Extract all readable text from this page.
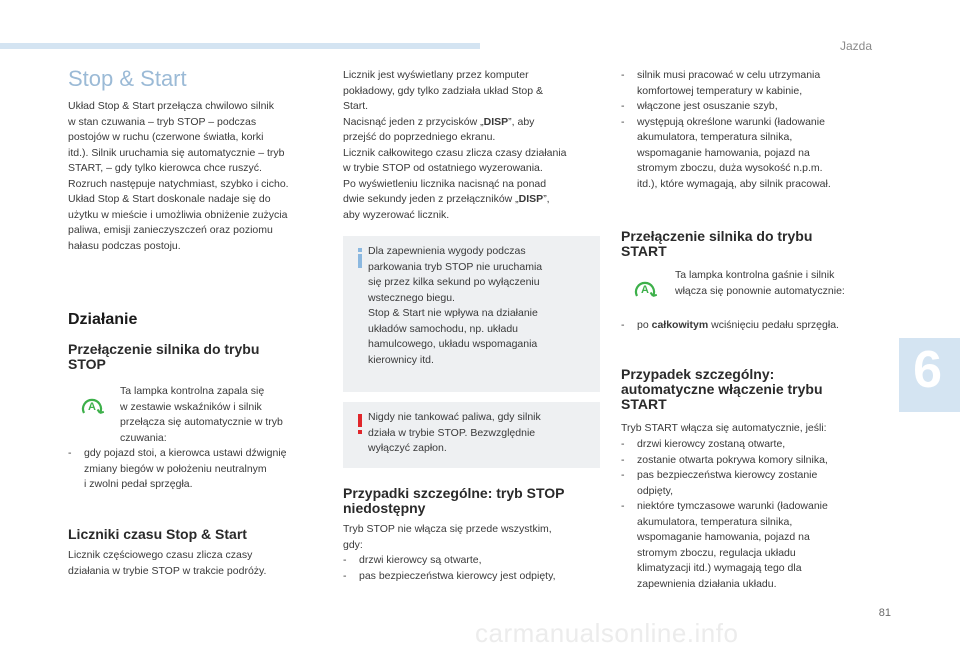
Jazda
6
81
carmanualsonline.info
Stop & Start
Układ Stop & Start przełącza chwilowo silnik
w stan czuwania – tryb STOP – podczas
postojów w ruchu (czerwone światła, korki
itd.). Silnik uruchamia się automatycznie – tryb
START, – gdy tylko kierowca chce ruszyć.
Rozruch następuje natychmiast, szybko i cicho.
Układ Stop & Start doskonale nadaje się do
użytku w mieście i umożliwia obniżenie zużycia
paliwa, emisji zanieczyszczeń oraz poziomu
hałasu podczas postoju.
Działanie
Przełączenie silnika do trybu
STOP
A
Ta lampka kontrolna zapala się
w zestawie wskaźników i silnik
przełącza się automatycznie w tryb
czuwania:
- gdy pojazd stoi, a kierowca ustawi dźwignię
zmiany biegów w położeniu neutralnym
i zwolni pedał sprzęgła.
Liczniki czasu Stop & Start
Licznik częściowego czasu zlicza czasy
działania w trybie STOP w trakcie podróży.
Licznik jest wyświetlany przez komputer
pokładowy, gdy tylko zadziała układ Stop &
Start.
Nacisnąć jeden z przycisków „DISP”, aby
przejść do poprzedniego ekranu.
Licznik całkowitego czasu zlicza czasy działania
w trybie STOP od ostatniego wyzerowania.
Po wyświetleniu licznika nacisnąć na ponad
dwie sekundy jeden z przełączników „DISP”,
aby wyzerować licznik.
Dla zapewnienia wygody podczas
parkowania tryb STOP nie uruchamia
się przez kilka sekund po wyłączeniu
wstecznego biegu.
Stop & Start nie wpływa na działanie
układów samochodu, np. układu
hamulcowego, układu wspomagania
kierownicy itd.
Nigdy nie tankować paliwa, gdy silnik
działa w trybie STOP. Bezwzględnie
wyłączyć zapłon.
Przypadki szczególne: tryb STOP
niedostępny
Tryb STOP nie włącza się przede wszystkim,
gdy:
- drzwi kierowcy są otwarte,
- pas bezpieczeństwa kierowcy jest odpięty,
- silnik musi pracować w celu utrzymania
komfortowej temperatury w kabinie,
- włączone jest osuszanie szyb,
- występują określone warunki (ładowanie
akumulatora, temperatura silnika,
wspomaganie hamowania, pojazd na
stromym zboczu, duża wysokość n.p.m.
itd.), które wymagają, aby silnik pracował.
Przełączenie silnika do trybu
START
A
Ta lampka kontrolna gaśnie i silnik
włącza się ponownie automatycznie:
- po całkowitym wciśnięciu pedału sprzęgła.
Przypadek szczególny:
automatyczne włączenie trybu
START
Tryb START włącza się automatycznie, jeśli:
- drzwi kierowcy zostaną otwarte,
- zostanie otwarta pokrywa komory silnika,
- pas bezpieczeństwa kierowcy zostanie
odpięty,
- niektóre tymczasowe warunki (ładowanie
akumulatora, temperatura silnika,
wspomaganie hamowania, pojazd na
stromym zboczu, regulacja układu
klimatyzacji itd.) wymagają tego dla
zapewnienia działania układu.
